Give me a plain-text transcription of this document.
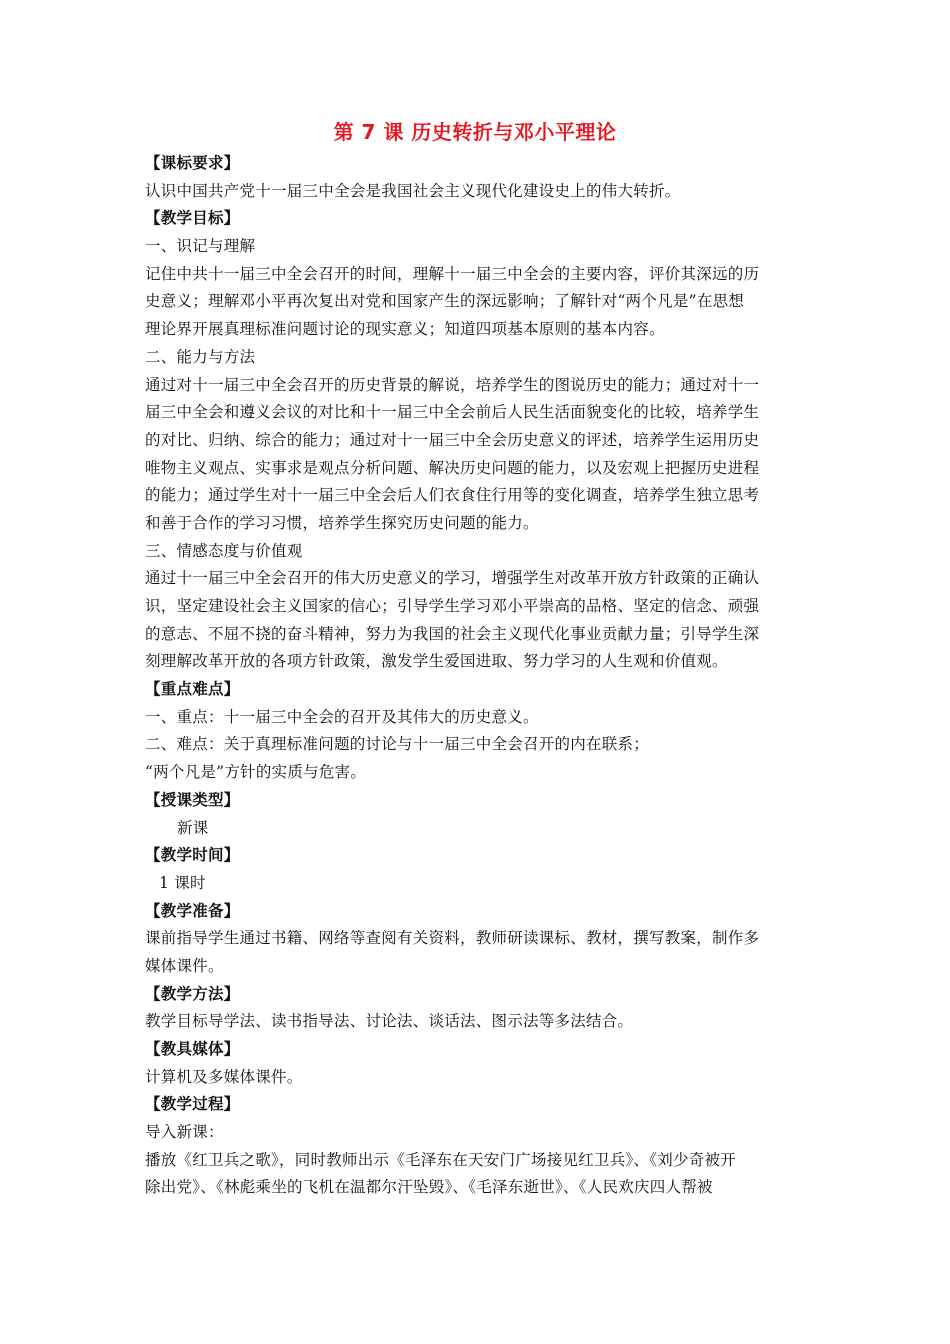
第 7 课 历史转折与邓小平理论
【课标要求】
认识中国共产党十一届三中全会是我国社会主义现代化建设史上的伟大转折。
【教学目标】
一、识记与理解
记住中共十一届三中全会召开的时间，理解十一届三中全会的主要内容，评价其深远的历
史意义；理解邓小平再次复出对党和国家产生的深远影响；了解针对“两个凡是”在思想
理论界开展真理标准问题讨论的现实意义；知道四项基本原则的基本内容。
二、能力与方法
通过对十一届三中全会召开的历史背景的解说，培养学生的图说历史的能力；通过对十一
届三中全会和遵义会议的对比和十一届三中全会前后人民生活面貌变化的比较，培养学生
的对比、归纳、综合的能力；通过对十一届三中全会历史意义的评述，培养学生运用历史
唯物主义观点、实事求是观点分析问题、解决历史问题的能力，以及宏观上把握历史进程
的能力；通过学生对十一届三中全会后人们衣食住行用等的变化调查，培养学生独立思考
和善于合作的学习习惯，培养学生探究历史问题的能力。
三、情感态度与价值观
通过十一届三中全会召开的伟大历史意义的学习，增强学生对改革开放方针政策的正确认
识，坚定建设社会主义国家的信心；引导学生学习邓小平崇高的品格、坚定的信念、顽强
的意志、不屈不挠的奋斗精神，努力为我国的社会主义现代化事业贡献力量；引导学生深
刻理解改革开放的各项方针政策，激发学生爱国进取、努力学习的人生观和价值观。
【重点难点】
一、重点：十一届三中全会的召开及其伟大的历史意义。
二、难点：关于真理标准问题的讨论与十一届三中全会召开的内在联系；
“两个凡是”方针的实质与危害。
【授课类型】
新课
【教学时间】
1 课时
【教学准备】
课前指导学生通过书籍、网络等查阅有关资料，教师研读课标、教材，撰写教案，制作多
媒体课件。
【教学方法】
教学目标导学法、读书指导法、讨论法、谈话法、图示法等多法结合。
【教具媒体】
计算机及多媒体课件。
【教学过程】
导入新课：
播放《红卫兵之歌》，同时教师出示《毛泽东在天安门广场接见红卫兵》、《刘少奇被开
除出党》、《林彪乘坐的飞机在温都尔汗坠毁》、《毛泽东逝世》、《人民欢庆四人帮被
